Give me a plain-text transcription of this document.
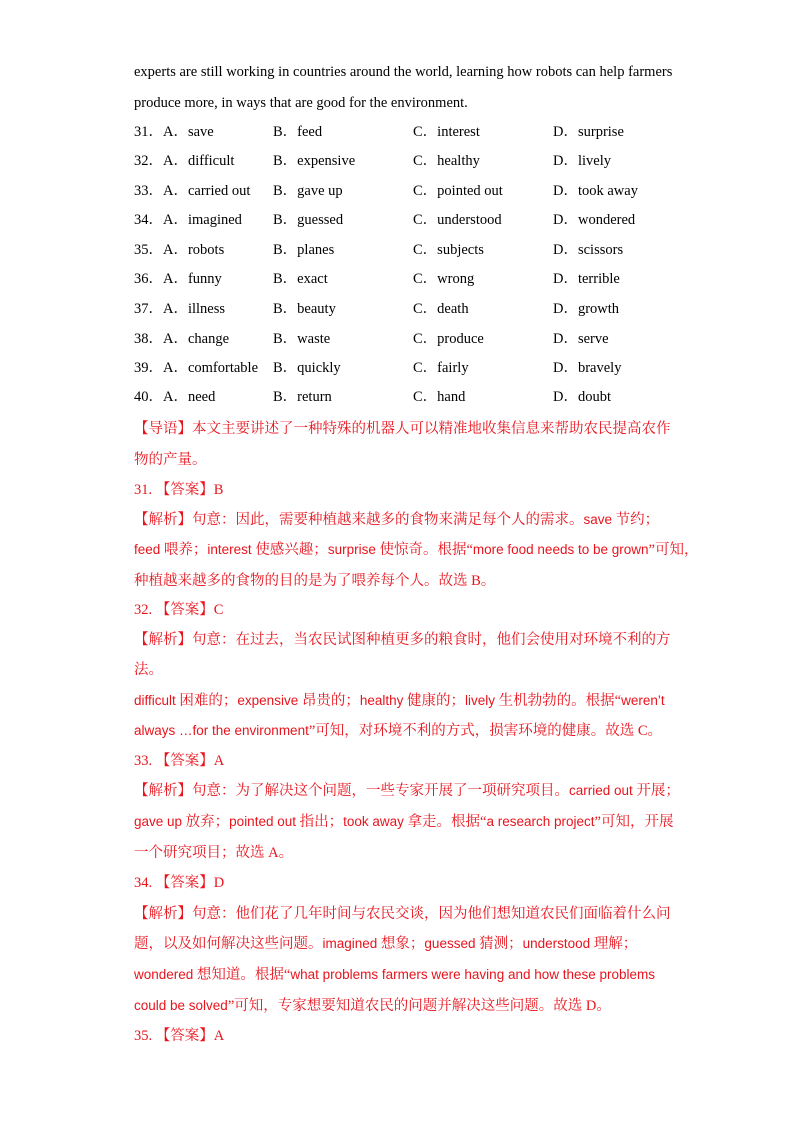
experts are still working in countries around the world, learning how robots can help farmers
produce more, in ways that are good for the environment.
31．A．save	B．feed	C．interest	D．surprise
32．A．difficult	B．expensive	C．healthy	D．lively
33．A．carried out B．gave up	C．pointed out	D．took away
34．A．imagined B．guessed	C．understood	D．wondered
35．A．robots	B．planes	C．subjects	D．scissors
36．A．funny	B．exact	C．wrong	D．terrible
37．A．illness	B．beauty	C．death	D．growth
38．A．change	B．waste	C．produce	D．serve
39．A．comfortable B．quickly	C．fairly	D．bravely
40．A．need	B．return	C．hand	D．doubt
【导语】本文主要讲述了一种特殊的机器人可以精准地收集信息来帮助农民提高农作
物的产量。
31. 【答案】B
【解析】句意：因此，需要种植越来越多的食物来满足每个人的需求。save 节约；
feed 喂养；interest 使感兴趣；surprise 使惊奇。根据“more food needs to be grown”可知，
种植越来越多的食物的目的是为了喂养每个人。故选 B。
32. 【答案】C
【解析】句意：在过去，当农民试图种植更多的粮食时，他们会使用对环境不利的方
法。
difficult 困难的；expensive 昂贵的；healthy 健康的；lively 生机勃勃的。根据“weren’t
always …for the environment”可知，对环境不利的方式，损害环境的健康。故选 C。
33. 【答案】A
【解析】句意：为了解决这个问题，一些专家开展了一项研究项目。carried out 开展；
gave up 放弃；pointed out 指出；took away 拿走。根据“a research project”可知，开展
一个研究项目；故选 A。
34. 【答案】D
【解析】句意：他们花了几年时间与农民交谈，因为他们想知道农民们面临着什么问
题，以及如何解决这些问题。imagined 想象；guessed 猜测；understood 理解；
wondered 想知道。根据“what problems farmers were having and how these problems
could be solved”可知，专家想要知道农民的问题并解决这些问题。故选 D。
35. 【答案】A
